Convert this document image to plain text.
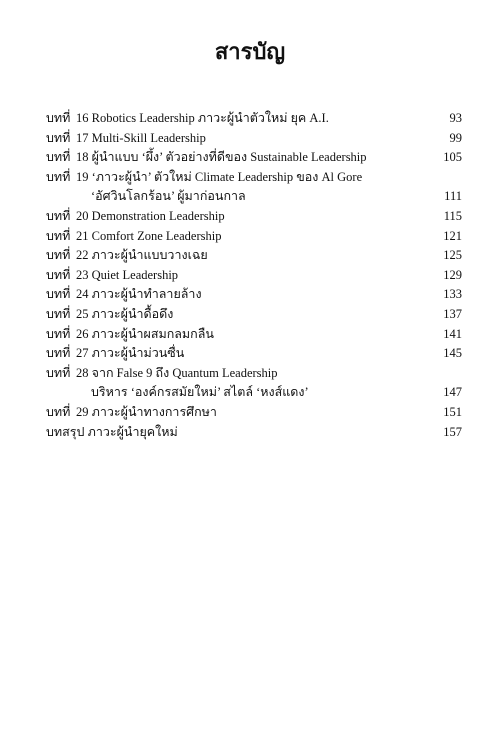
สารบัญ
บทที่ 16 Robotics Leadership ภาวะผู้นำตัวใหม่ ยุค A.I.	93
บทที่ 17 Multi-Skill Leadership	99
บทที่ 18 ผู้นำแบบ ‘ผึ้ง’ ตัวอย่างที่ดีของ Sustainable Leadership	105
บทที่ 19 ‘ภาวะผู้นำ’ ตัวใหม่ Climate Leadership ของ Al Gore
‘อัศวินโลกร้อน’ ผู้มาก่อนกาล	111
บทที่ 20 Demonstration Leadership	115
บทที่ 21 Comfort Zone Leadership	121
บทที่ 22 ภาวะผู้นำแบบวางเฉย	125
บทที่ 23 Quiet Leadership	129
บทที่ 24 ภาวะผู้นำทำลายล้าง	133
บทที่ 25 ภาวะผู้นำดื้อดึง	137
บทที่ 26 ภาวะผู้นำผสมกลมกลืน	141
บทที่ 27 ภาวะผู้นำม่วนซื่น	145
บทที่ 28 จาก False 9 ถึง Quantum Leadership
บริหาร ‘องค์กรสมัยใหม่’ สไตล์ ‘หงส์แดง’	147
บทที่ 29 ภาวะผู้นำทางการศึกษา	151
บทสรุป ภาวะผู้นำยุคใหม่	157
